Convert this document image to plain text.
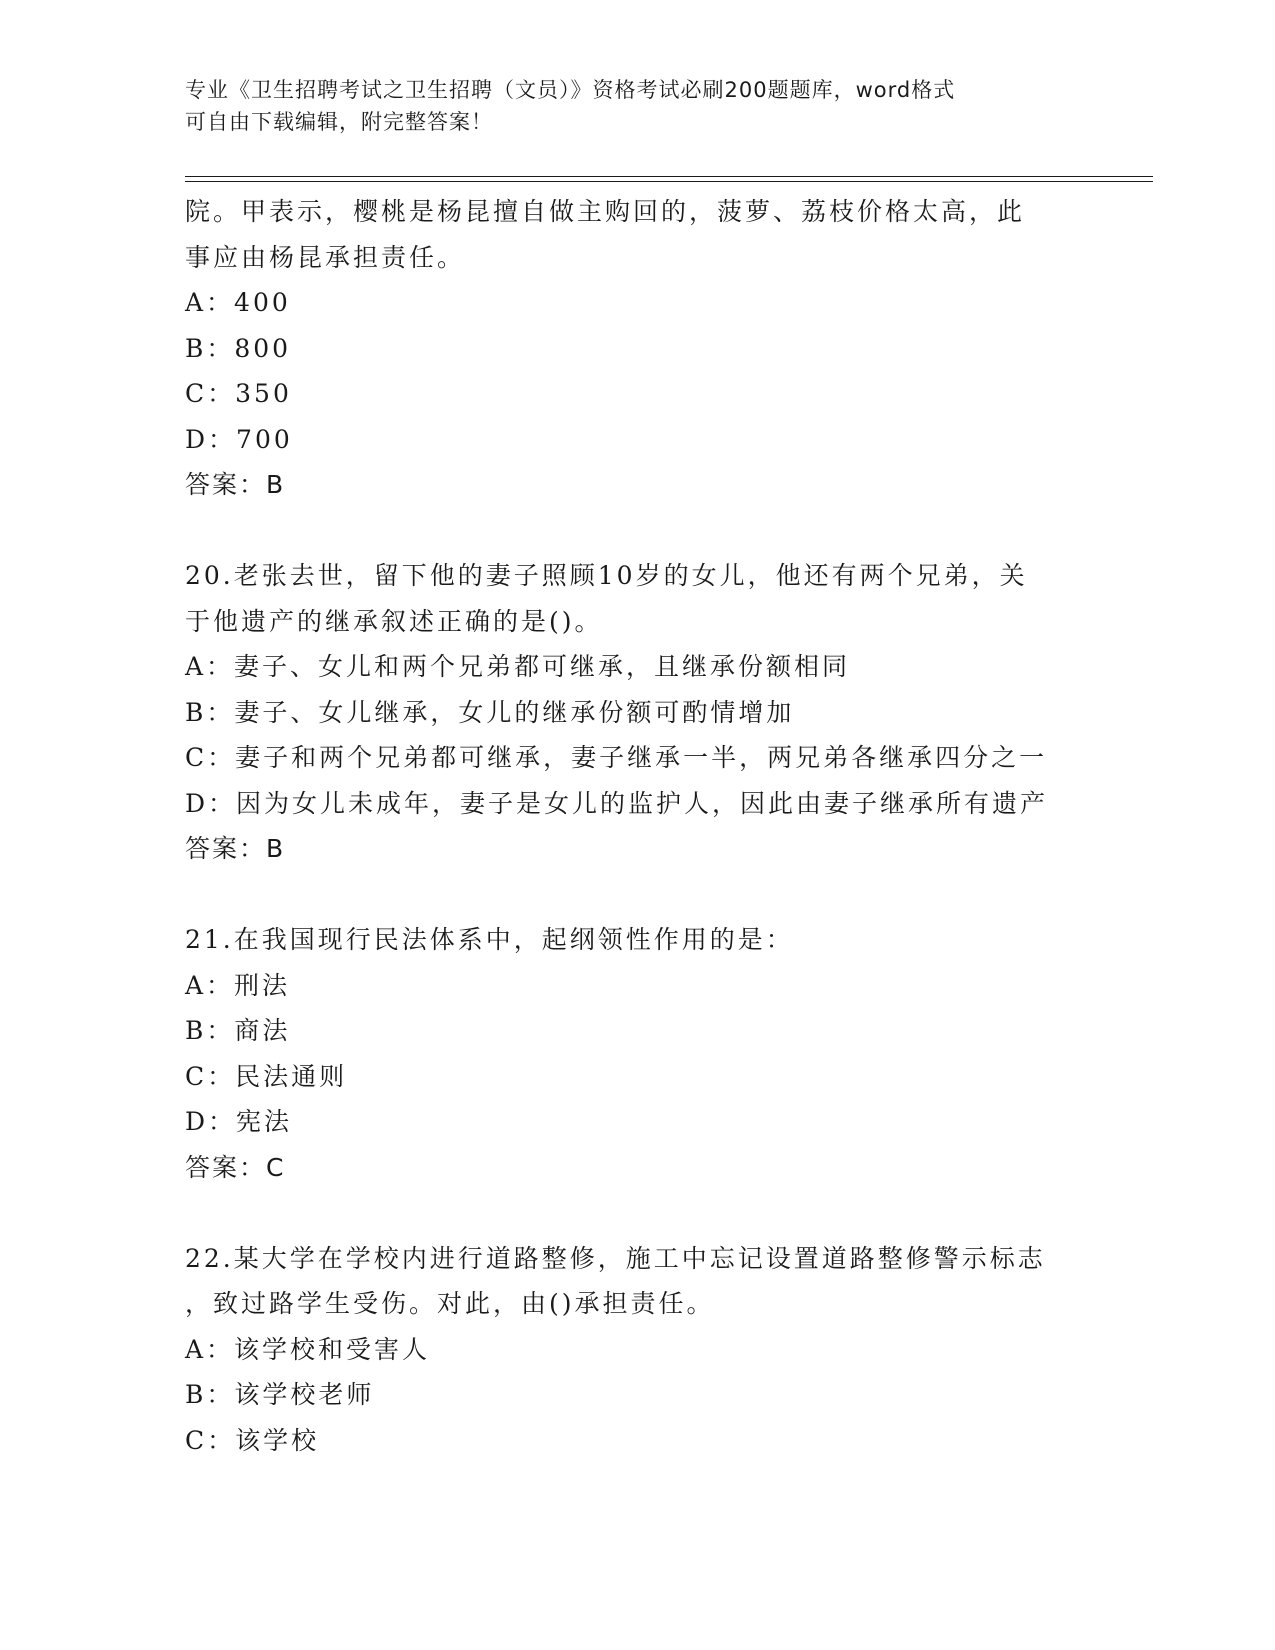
专业《卫生招聘考试之卫生招聘（文员）》资格考试必刷200题题库，word格式
可自由下载编辑，附完整答案！
院。甲表示，樱桃是杨昆擅自做主购回的，菠萝、荔枝价格太高，此
事应由杨昆承担责任。
A：400
B：800
C：350
D：700
答案：B
20.老张去世，留下他的妻子照顾10岁的女儿，他还有两个兄弟，关
于他遗产的继承叙述正确的是()。
A：妻子、女儿和两个兄弟都可继承，且继承份额相同
B：妻子、女儿继承，女儿的继承份额可酌情增加
C：妻子和两个兄弟都可继承，妻子继承一半，两兄弟各继承四分之一
D：因为女儿未成年，妻子是女儿的监护人，因此由妻子继承所有遗产
答案：B
21.在我国现行民法体系中，起纲领性作用的是：
A：刑法
B：商法
C：民法通则
D：宪法
答案：C
22.某大学在学校内进行道路整修，施工中忘记设置道路整修警示标志
，致过路学生受伤。对此，由()承担责任。
A：该学校和受害人
B：该学校老师
C：该学校
